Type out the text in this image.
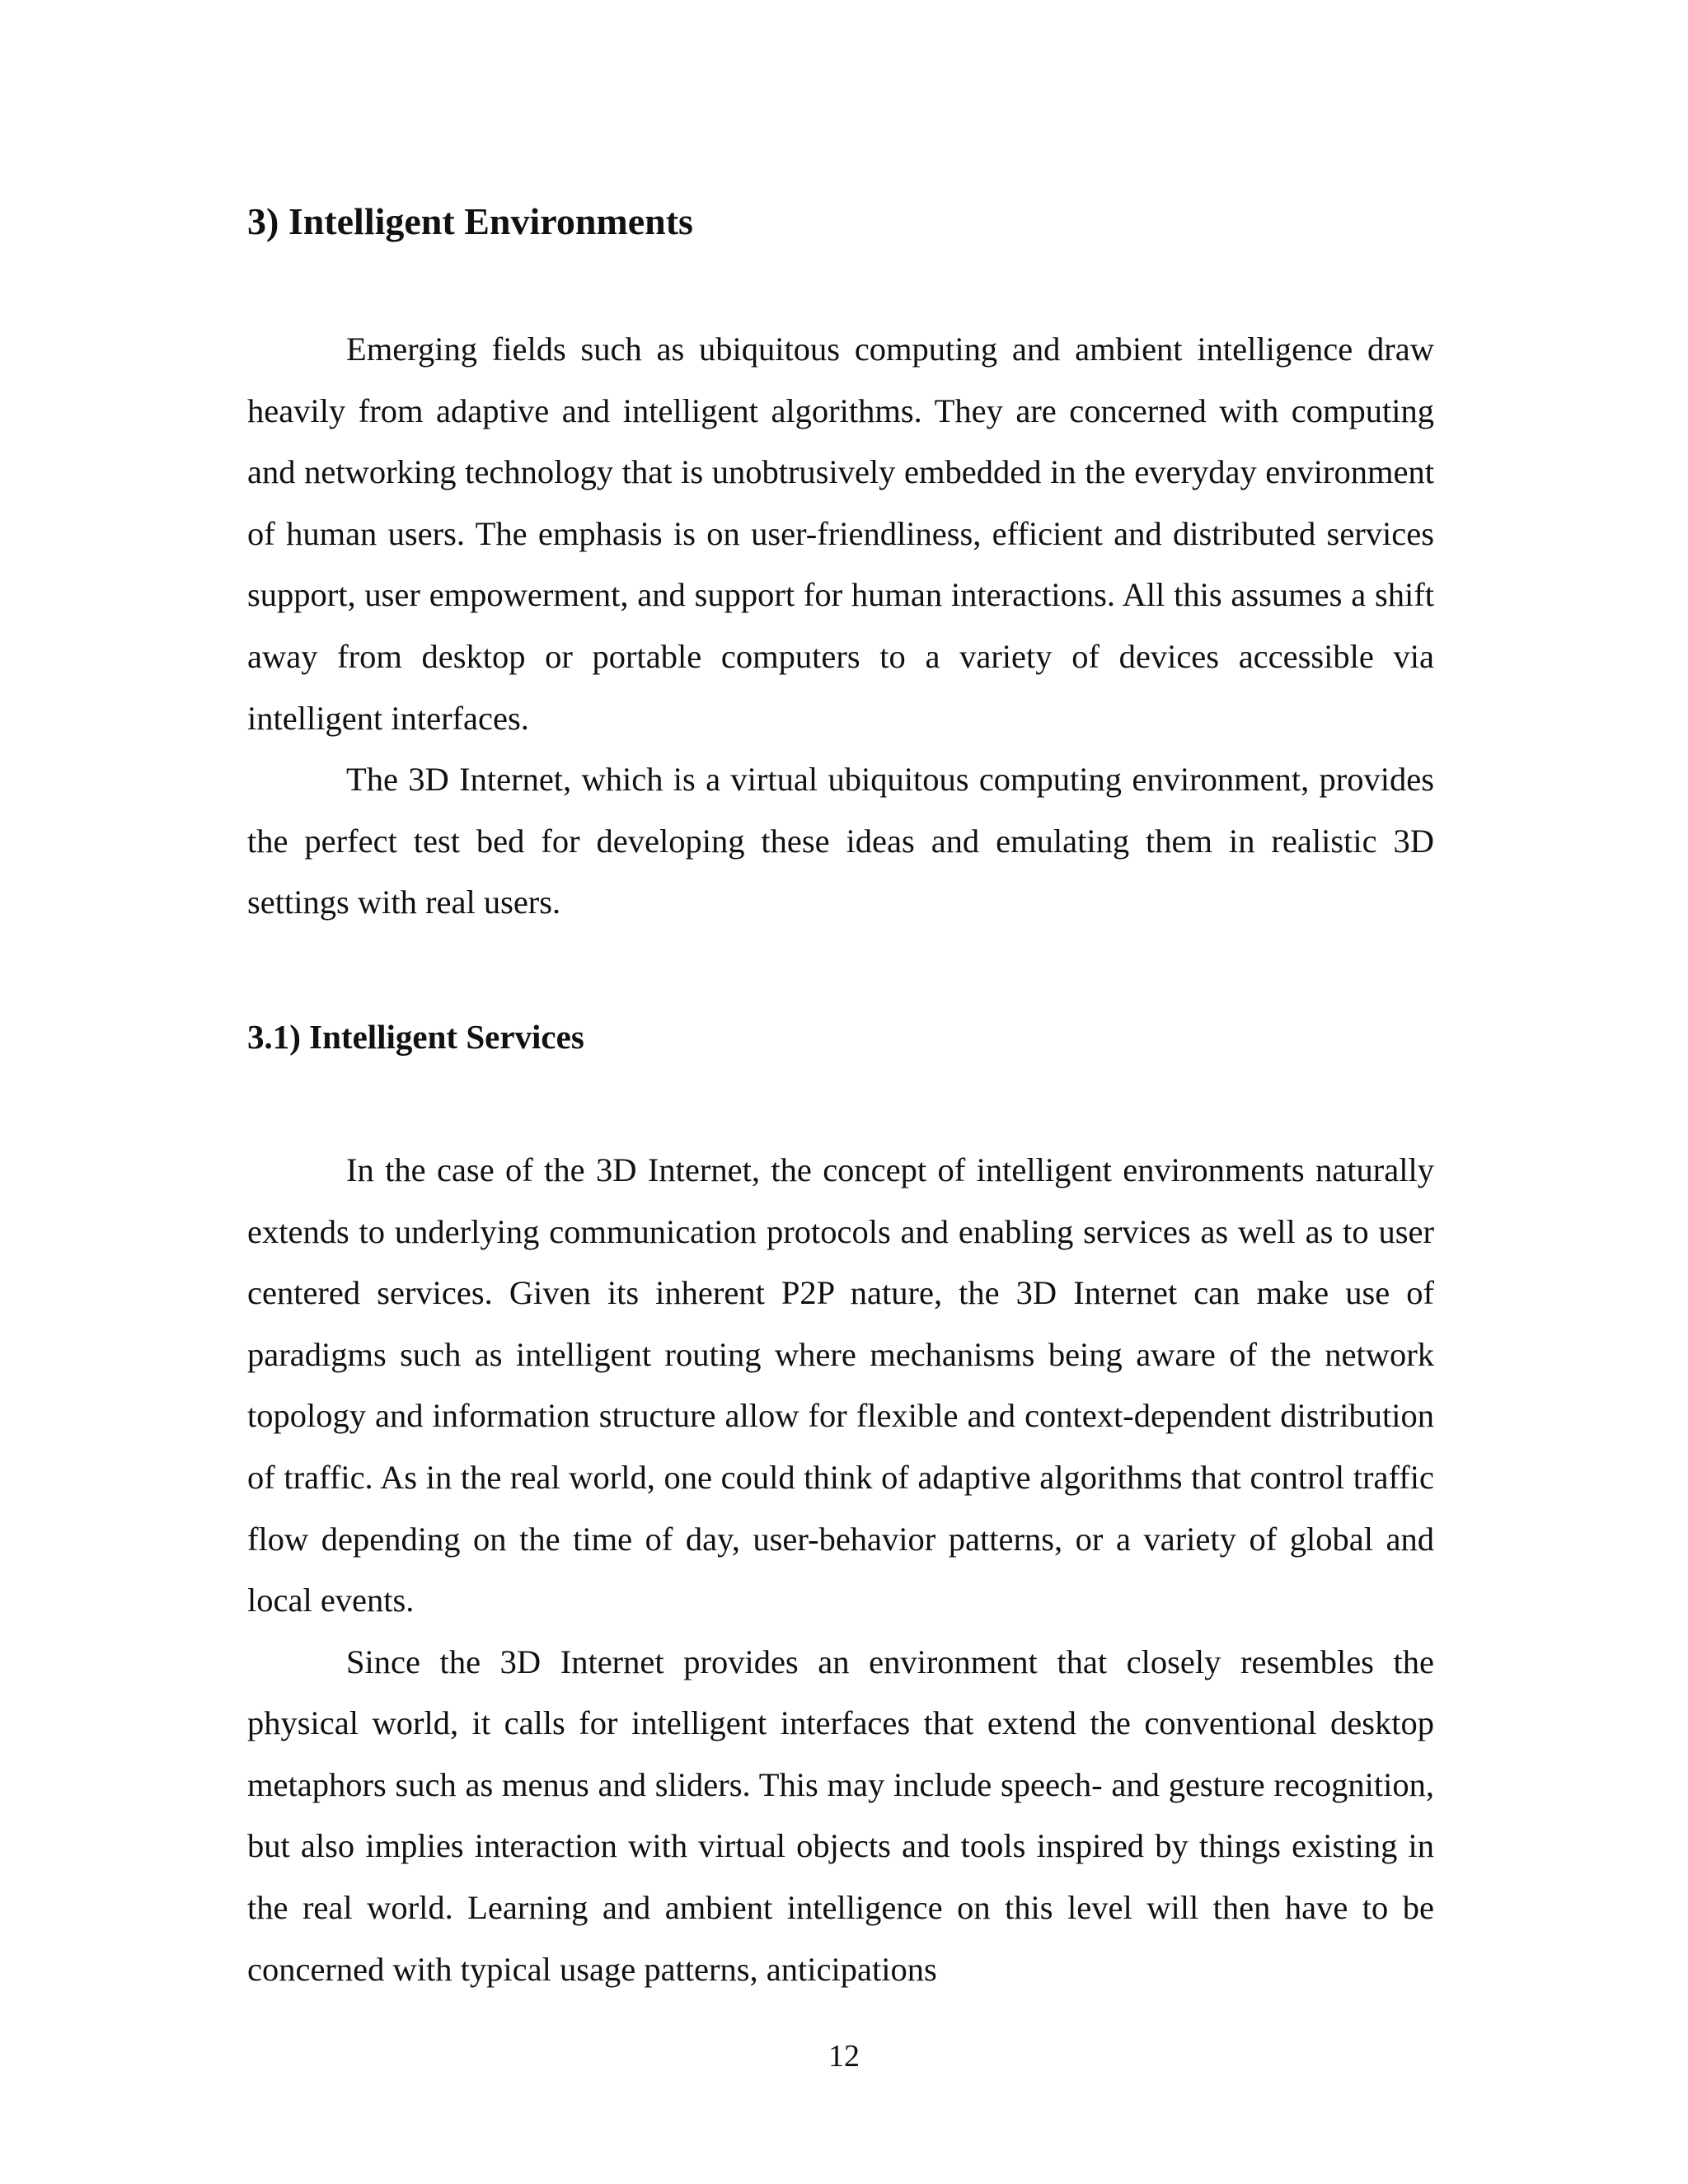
3) Intelligent Environments

Emerging fields such as ubiquitous computing and ambient intelligence draw heavily from adaptive and intelligent algorithms. They are concerned with computing and networking technology that is unobtrusively embedded in the everyday environment of human users. The emphasis is on user-friendliness, efficient and distributed services support, user empowerment, and support for human interactions. All this assumes a shift away from desktop or portable computers to a variety of devices accessible via intelligent interfaces.

The 3D Internet, which is a virtual ubiquitous computing environment, provides the perfect test bed for developing these ideas and emulating them in realistic 3D settings with real users.

3.1) Intelligent Services

In the case of the 3D Internet, the concept of intelligent environments naturally extends to underlying communication protocols and enabling services as well as to user centered services. Given its inherent P2P nature, the 3D Internet can make use of paradigms such as intelligent routing where mechanisms being aware of the network topology and information structure allow for flexible and context-dependent distribution of traffic. As in the real world, one could think of adaptive algorithms that control traffic flow depending on the time of day, user-behavior patterns, or a variety of global and local events.

Since the 3D Internet provides an environment that closely resembles the physical world, it calls for intelligent interfaces that extend the conventional desktop metaphors such as menus and sliders. This may include speech- and gesture recognition, but also implies interaction with virtual objects and tools inspired by things existing in the real world. Learning and ambient intelligence on this level will then have to be concerned with typical usage patterns, anticipations

12
